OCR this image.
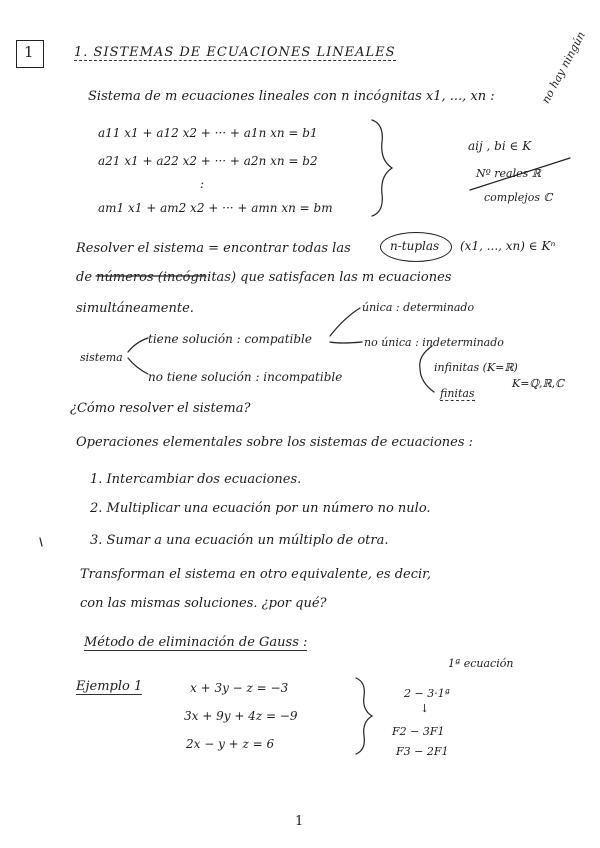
1	1. SISTEMAS DE ECUACIONES LINEALES
Sistema de m ecuaciones lineales con n incógnitas x1, ..., xn :
a11 x1 + a12 x2 + ··· + a1n xn = b1
a21 x1 + a22 x2 + ··· + a2n xn = b2
:
am1 x1 + am2 x2 + ··· + amn xn = bm
aij , bi ∈ K
Nº reales ℝ
complejos ℂ
no hay ningún
Resolver el sistema = encontrar todas las	n-tuplas (x1, ..., xn) ∈ Kⁿ
de números (incógnitas) que satisfacen las m ecuaciones
simultáneamente.
sistema
tiene solución : compatible
no tiene solución : incompatible
única : determinado
no única : indeterminado
infinitas (K=ℝ)
finitas
K=ℚ,ℝ,ℂ
¿Cómo resolver el sistema?
Operaciones elementales sobre los sistemas de ecuaciones :
1. Intercambiar dos ecuaciones.
2. Multiplicar una ecuación por un número no nulo.
3. Sumar a una ecuación un múltiplo de otra.
Transforman el sistema en otro equivalente, es decir,
con las mismas soluciones. ¿por qué?
Método de eliminación de Gauss :
Ejemplo 1	x + 3y − z = −3
3x + 9y + 4z = −9
2x − y + z = 6
1ª ecuación
2 − 3·1ª
↓
F2 − 3F1
F3 − 2F1
1
